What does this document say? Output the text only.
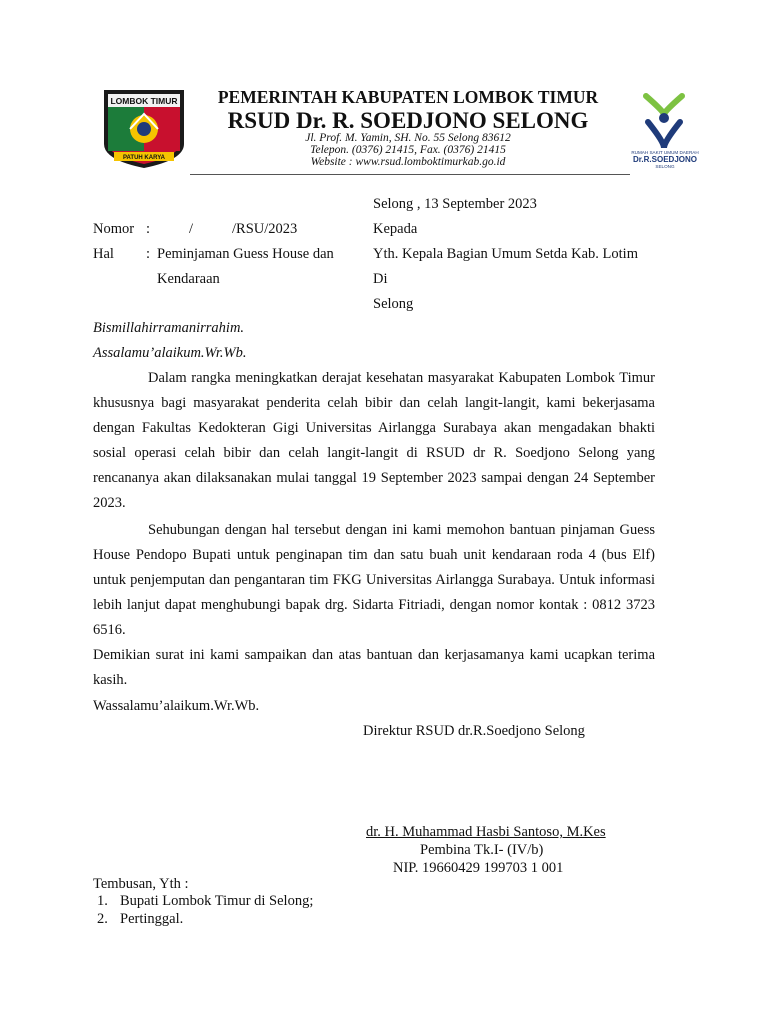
LOMBOK TIMUR
PATUH KARYA
PEMERINTAH KABUPATEN LOMBOK TIMUR
RSUD Dr. R. SOEDJONO SELONG
Jl. Prof. M. Yamin, SH. No. 55 Selong 83612
Telepon. (0376) 21415, Fax. (0376) 21415
Website : www.rsud.lomboktimurkab.go.id
RUMAH SAKIT UMUM DAERAH
Dr.R.SOEDJONO
SELONG
Selong , 13 September 2023
Nomor :	/	/RSU/2023	Kepada
Hal : Peminjaman Guess House dan	Yth. Kepala Bagian Umum Setda Kab. Lotim
Kendaraan	Di
Selong
Bismillahirramanirrahim.
Assalamu’alaikum.Wr.Wb.

Dalam rangka meningkatkan derajat kesehatan masyarakat Kabupaten Lombok Timur khususnya bagi masyarakat penderita celah bibir dan celah langit-langit, kami bekerjasama dengan Fakultas Kedokteran Gigi Universitas Airlangga Surabaya akan mengadakan bhakti sosial operasi celah bibir dan celah langit-langit di RSUD dr R. Soedjono Selong yang rencananya akan dilaksanakan mulai tanggal 19 September 2023 sampai dengan 24 September 2023.

Sehubungan dengan hal tersebut dengan ini kami memohon bantuan pinjaman Guess House Pendopo Bupati untuk penginapan tim dan satu buah unit kendaraan roda 4 (bus Elf) untuk penjemputan dan pengantaran tim FKG Universitas Airlangga Surabaya. Untuk informasi lebih lanjut dapat menghubungi bapak drg. Sidarta Fitriadi, dengan nomor kontak : 0812 3723 6516.

Demikian surat ini kami sampaikan dan atas bantuan dan kerjasamanya kami ucapkan terima kasih.

Wassalamu’alaikum.Wr.Wb.
Direktur RSUD dr.R.Soedjono Selong
dr. H. Muhammad Hasbi Santoso, M.Kes
Pembina Tk.I- (IV/b)
NIP. 19660429 199703 1 001
Tembusan, Yth :
1. Bupati Lombok Timur di Selong;
2. Pertinggal.
